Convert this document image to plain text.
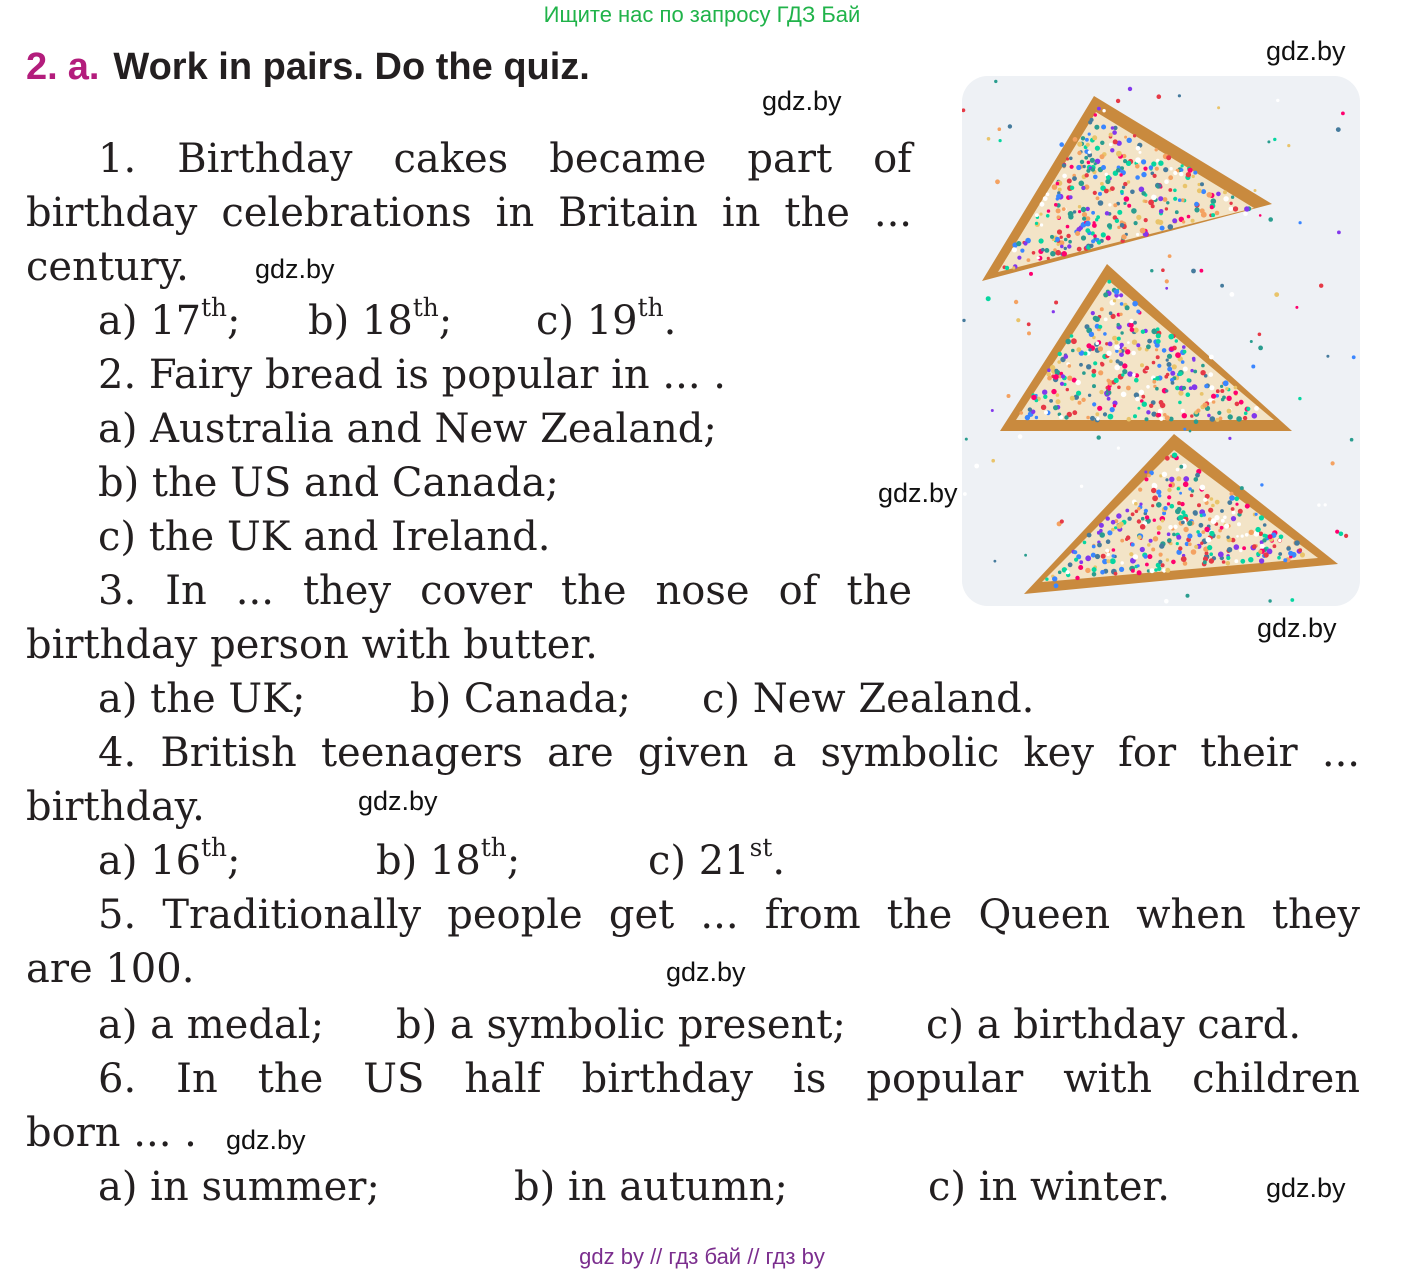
Ищите нас по запросу ГДЗ Бай
2. a. Work in pairs. Do the quiz.	gdz.by
gdz.by
gdz.by
gdz.by
gdz.by
gdz.by
gdz.by
gdz.by
gdz.by
1. Birthday cakes became part of
birthday celebrations in Britain in the ...
century.
a) 17th; b) 18th; c) 19th.
2. Fairy bread is popular in ... .
a) Australia and New Zealand;
b) the US and Canada;
c) the UK and Ireland.
3. In ... they cover the nose of the
birthday person with butter.
a) the UK;	b) Canada; c) New Zealand.
4. British teenagers are given a symbolic key for their ...
birthday.
a) 16th;	b) 18th;	c) 21st.
5. Traditionally people get ... from the Queen when they
are 100.
a) a medal; b) a symbolic present; c) a birthday card.
6. In the US half birthday is popular with children
born ... .
a) in summer;	b) in autumn;	c) in winter.
gdz by // гдз бай // гдз by
